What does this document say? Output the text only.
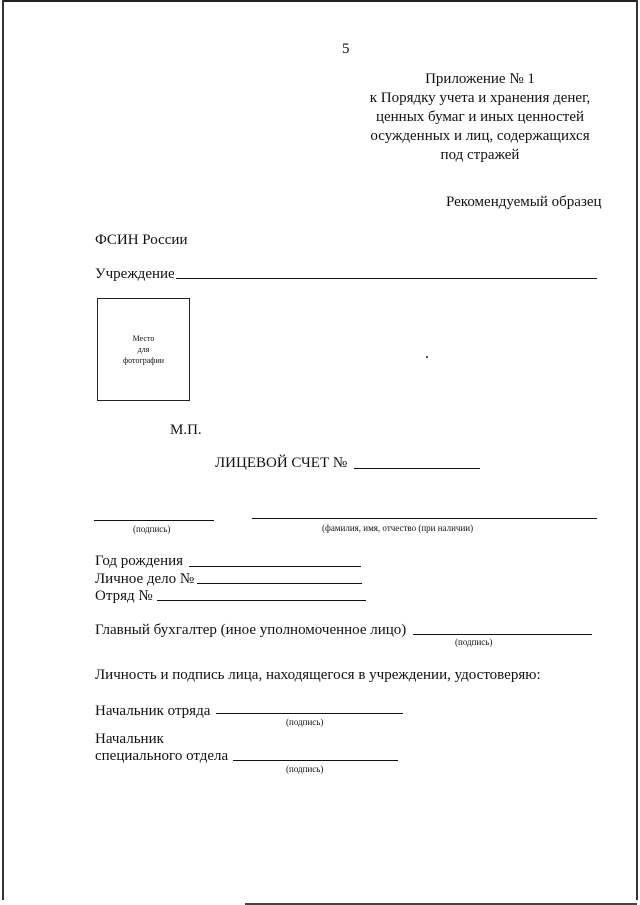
5
Приложение № 1
к Порядку учета и хранения денег,
ценных бумаг и иных ценностей
осужденных и лиц, содержащихся
под стражей
Рекомендуемый образец
ФСИН России
Учреждение
Место
для
фотографии
М.П.
ЛИЦЕВОЙ СЧЕТ №
(подпись)	(фамилия, имя, отчество (при наличии)
Год рождения
Личное дело №
Отряд №
Главный бухгалтер (иное уполномоченное лицо)
(подпись)
Личность и подпись лица, находящегося в учреждении, удостоверяю:
Начальник отряда
(подпись)
Начальник
специального отдела
(подпись)
